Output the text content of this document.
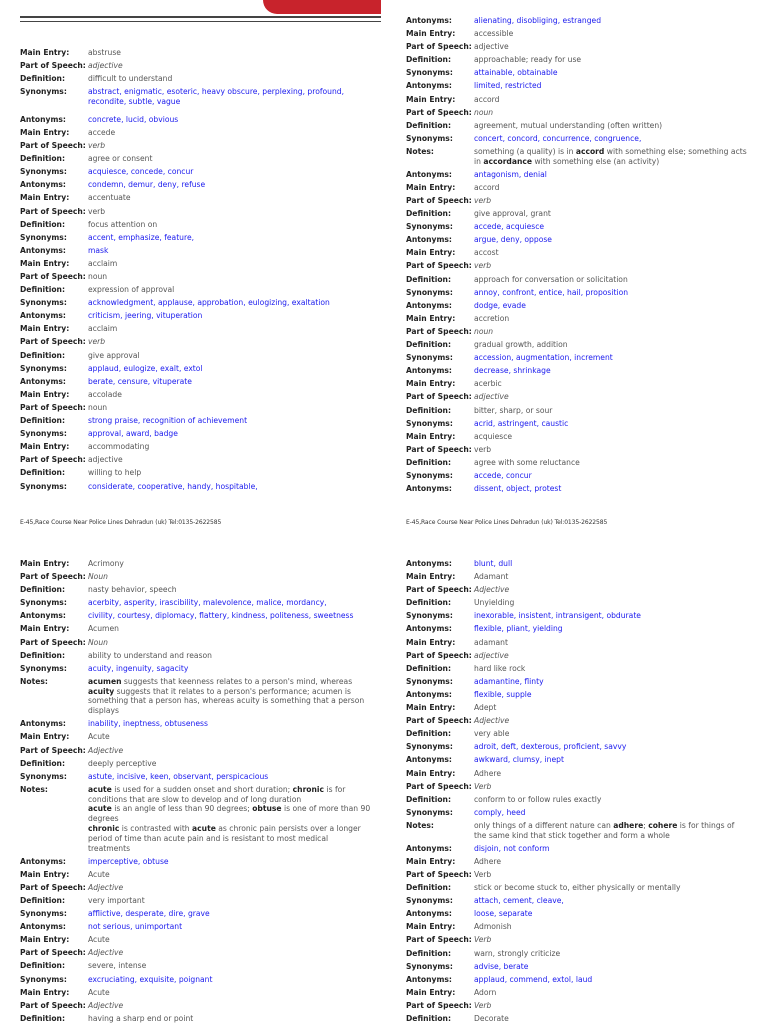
Main Entry:	abstruse
Part of Speech: adjective
Definition:	difficult to understand
Synonyms:	abstract, enigmatic, esoteric, heavy obscure, perplexing, profound, recondite, subtle, vague
Antonyms:	concrete, lucid, obvious
Main Entry:	accede
Part of Speech: verb
Definition:	agree or consent
Synonyms:	acquiesce, concede, concur
Antonyms:	condemn, demur, deny, refuse
Main Entry:	accentuate
Part of Speech: verb
Definition:	focus attention on
Synonyms:	accent, emphasize, feature,
Antonyms:	mask
Main Entry:	acclaim
Part of Speech: noun
Definition:	expression of approval
Synonyms:	acknowledgment, applause, approbation, eulogizing, exaltation
Antonyms:	criticism, jeering, vituperation
Main Entry:	acclaim
Part of Speech: verb
Definition:	give approval
Synonyms:	applaud, eulogize, exalt, extol
Antonyms:	berate, censure, vituperate
Main Entry:	accolade
Part of Speech: noun
Definition:	strong praise, recognition of achievement
Synonyms:	approval, award, badge
Main Entry:	accommodating
Part of Speech: adjective
Definition:	willing to help
Synonyms:	considerate, cooperative, handy, hospitable,
Antonyms:	alienating, disobliging, estranged
Main Entry:	accessible
Part of Speech: adjective
Definition:	approachable; ready for use
Synonyms:	attainable, obtainable
Antonyms:	limited, restricted
Main Entry:	accord
Part of Speech: noun
Definition:	agreement, mutual understanding (often written)
Synonyms:	concert, concord, concurrence, congruence,
Notes:	something (a quality) is in accord with something else; something acts in accordance with something else (an activity)
Antonyms:	antagonism, denial
Main Entry:	accord
Part of Speech: verb
Definition:	give approval, grant
Synonyms:	accede, acquiesce
Antonyms:	argue, deny, oppose
Main Entry:	accost
Part of Speech: verb
Definition:	approach for conversation or solicitation
Synonyms:	annoy, confront, entice, hail, proposition
Antonyms:	dodge, evade
Main Entry:	accretion
Part of Speech: noun
Definition:	gradual growth, addition
Synonyms:	accession, augmentation, increment
Antonyms:	decrease, shrinkage
Main Entry:	acerbic
Part of Speech: adjective
Definition:	bitter, sharp, or sour
Synonyms:	acrid, astringent, caustic
Main Entry:	acquiesce
Part of Speech: verb
Definition:	agree with some reluctance
Synonyms:	accede, concur
Antonyms:	dissent, object, protest
Main Entry:	Acrimony
Part of Speech: Noun
Definition:	nasty behavior, speech
Synonyms:	acerbity, asperity, irascibility, malevolence, malice, mordancy,
Antonyms:	civility, courtesy, diplomacy, flattery, kindness, politeness, sweetness
Main Entry:	Acumen
Part of Speech: Noun
Definition:	ability to understand and reason
Synonyms:	acuity, ingenuity, sagacity
Notes:	acumen suggests that keenness relates to a person's mind, whereas acuity suggests that it relates to a person's performance; acumen is something that a person has, whereas acuity is something that a person displays
Antonyms:	inability, ineptness, obtuseness
Main Entry:	Acute
Part of Speech: Adjective
Definition:	deeply perceptive
Synonyms:	astute, incisive, keen, observant, perspicacious
Notes:	acute is used for a sudden onset and short duration; chronic is for conditions that are slow to develop and of long duration
acute is an angle of less than 90 degrees; obtuse is one of more than 90 degrees
chronic is contrasted with acute as chronic pain persists over a longer period of time than acute pain and is resistant to most medical treatments
Antonyms:	imperceptive, obtuse
Main Entry:	Acute
Part of Speech: Adjective
Definition:	very important
Synonyms:	afflictive, desperate, dire, grave
Antonyms:	not serious, unimportant
Main Entry:	Acute
Part of Speech: Adjective
Definition:	severe, intense
Synonyms:	excruciating, exquisite, poignant
Main Entry:	Acute
Part of Speech: Adjective
Definition:	having a sharp end or point
Antonyms:	blunt, dull
Main Entry:	Adamant
Part of Speech: Adjective
Definition:	Unyielding
Synonyms:	inexorable, insistent, intransigent, obdurate
Antonyms:	flexible, pliant, yielding
Main Entry:	adamant
Part of Speech: adjective
Definition:	hard like rock
Synonyms:	adamantine, flinty
Antonyms:	flexible, supple
Main Entry:	Adept
Part of Speech: Adjective
Definition:	very able
Synonyms:	adroit, deft, dexterous, proficient, savvy
Antonyms:	awkward, clumsy, inept
Main Entry:	Adhere
Part of Speech: Verb
Definition:	conform to or follow rules exactly
Synonyms:	comply, heed
Notes:	only things of a different nature can adhere; cohere is for things of the same kind that stick together and form a whole
Antonyms:	disjoin, not conform
Main Entry:	Adhere
Part of Speech: Verb
Definition:	stick or become stuck to, either physically or mentally
Synonyms:	attach, cement, cleave,
Antonyms:	loose, separate
Main Entry:	Admonish
Part of Speech: Verb
Definition:	warn, strongly criticize
Synonyms:	advise, berate
Antonyms:	applaud, commend, extol, laud
Main Entry:	Adorn
Part of Speech: Verb
Definition:	Decorate
E-45,Race Course Near Police Lines Dehradun (uk) Tel:0135-2622585	E-45,Race Course Near Police Lines Dehradun (uk) Tel:0135-2622585
